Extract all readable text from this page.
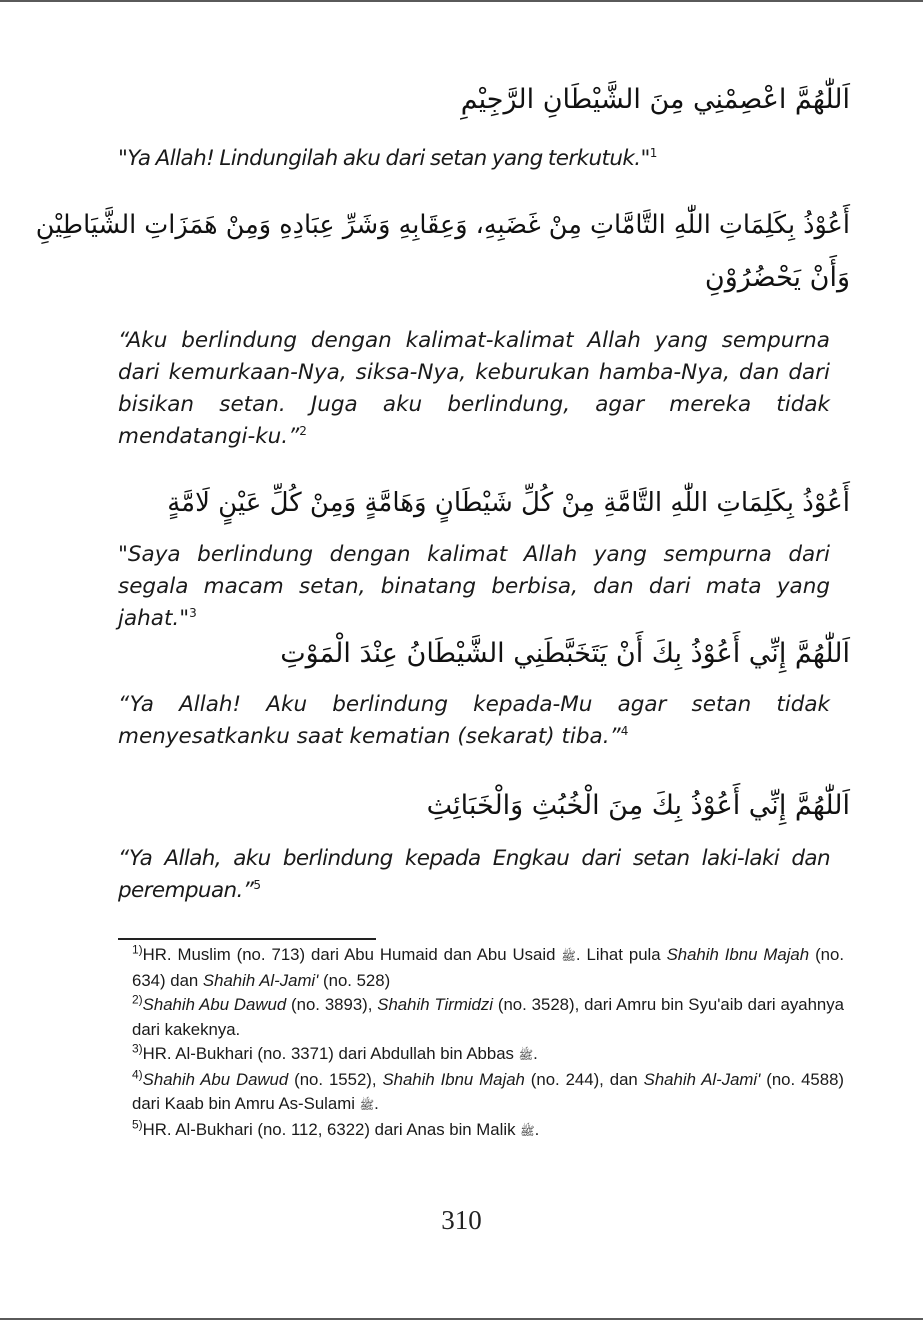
اَللّٰهُمَّ اعْصِمْنِي مِنَ الشَّيْطَانِ الرَّجِيْمِ
"Ya Allah! Lindungilah aku dari setan yang terkutuk."$^1$
أَعُوْذُ بِكَلِمَاتِ اللّٰهِ التَّامَّاتِ مِنْ غَضَبِهِ، وَعِقَابِهِ وَشَرِّ عِبَادِهِ وَمِنْ هَمَزَاتِ الشَّيَاطِيْنِ
وَأَنْ يَحْضُرُوْنِ
“Aku berlindung dengan kalimat-kalimat Allah yang sempurna dari kemurkaan-Nya, siksa-Nya, keburukan hamba-Nya, dan dari bisikan setan. Juga aku berlindung, agar mereka tidak mendatangi-ku.”$^2$
أَعُوْذُ بِكَلِمَاتِ اللّٰهِ التَّامَّةِ مِنْ كُلِّ شَيْطَانٍ وَهَامَّةٍ وَمِنْ كُلِّ عَيْنٍ لَامَّةٍ
"Saya berlindung dengan kalimat Allah yang sempurna dari segala macam setan, binatang berbisa, dan dari mata yang jahat."$^3$
اَللّٰهُمَّ إِنِّي أَعُوْذُ بِكَ أَنْ يَتَخَبَّطَنِي الشَّيْطَانُ عِنْدَ الْمَوْتِ
“Ya Allah! Aku berlindung kepada-Mu agar setan tidak menyesatkanku saat kematian (sekarat) tiba.”$^4$
اَللّٰهُمَّ إِنِّي أَعُوْذُ بِكَ مِنَ الْخُبُثِ وَالْخَبَائِثِ
“Ya Allah, aku berlindung kepada Engkau dari setan laki-laki dan perempuan.”$^5$
$^{1)}$HR. Muslim (no. 713) dari Abu Humaid dan Abu Usaid ﷺ. Lihat pula Shahih Ibnu Majah (no. 634) dan Shahih Al-Jami' (no. 528)
$^{2)}$Shahih Abu Dawud (no. 3893), Shahih Tirmidzi (no. 3528), dari Amru bin Syu'aib dari ayahnya dari kakeknya.
$^{3)}$HR. Al-Bukhari (no. 3371) dari Abdullah bin Abbas ﷺ.
$^{4)}$Shahih Abu Dawud (no. 1552), Shahih Ibnu Majah (no. 244), dan Shahih Al-Jami' (no. 4588) dari Kaab bin Amru As-Sulami ﷺ.
$^{5)}$HR. Al-Bukhari (no. 112, 6322) dari Anas bin Malik ﷺ.
310
